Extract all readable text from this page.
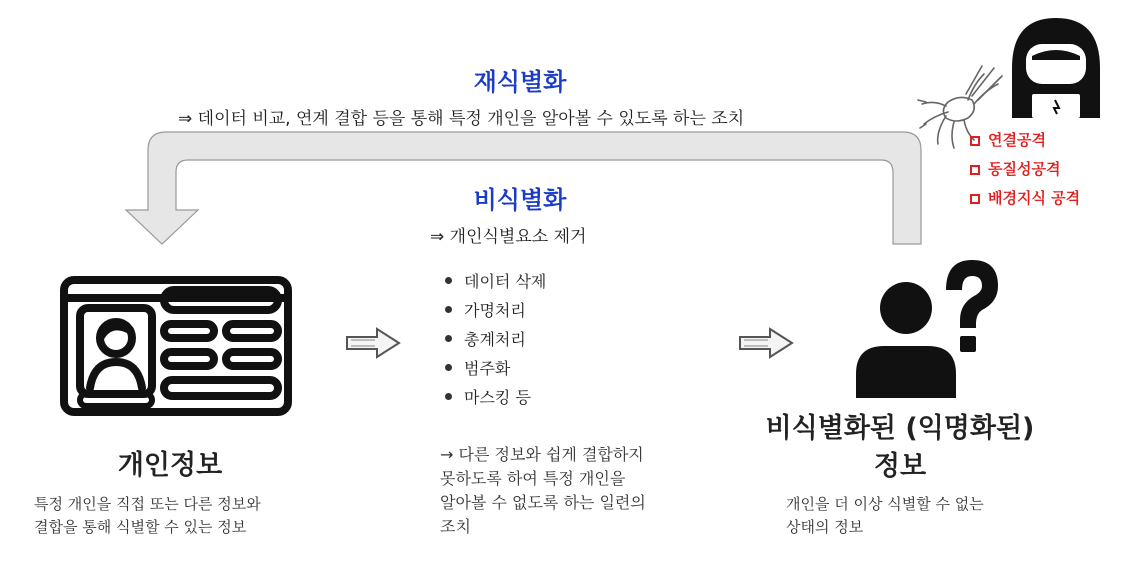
재식별화
⇒ 데이터 비교, 연계 결합 등을 통해 특정 개인을 알아볼 수 있도록 하는 조치
비식별화
⇒ 개인식별요소 제거
데이터 삭제
가명처리
총계처리
범주화
마스킹 등
→ 다른 정보와 쉽게 결합하지
못하도록 하여 특정 개인을
알아볼 수 없도록 하는 일련의
조치
개인정보
특정 개인을 직접 또는 다른 정보와
결합을 통해 식별할 수 있는 정보
비식별화된 (익명화된)
정보
개인을 더 이상 식별할 수 없는
상태의 정보
연결공격
동질성공격
배경지식 공격
